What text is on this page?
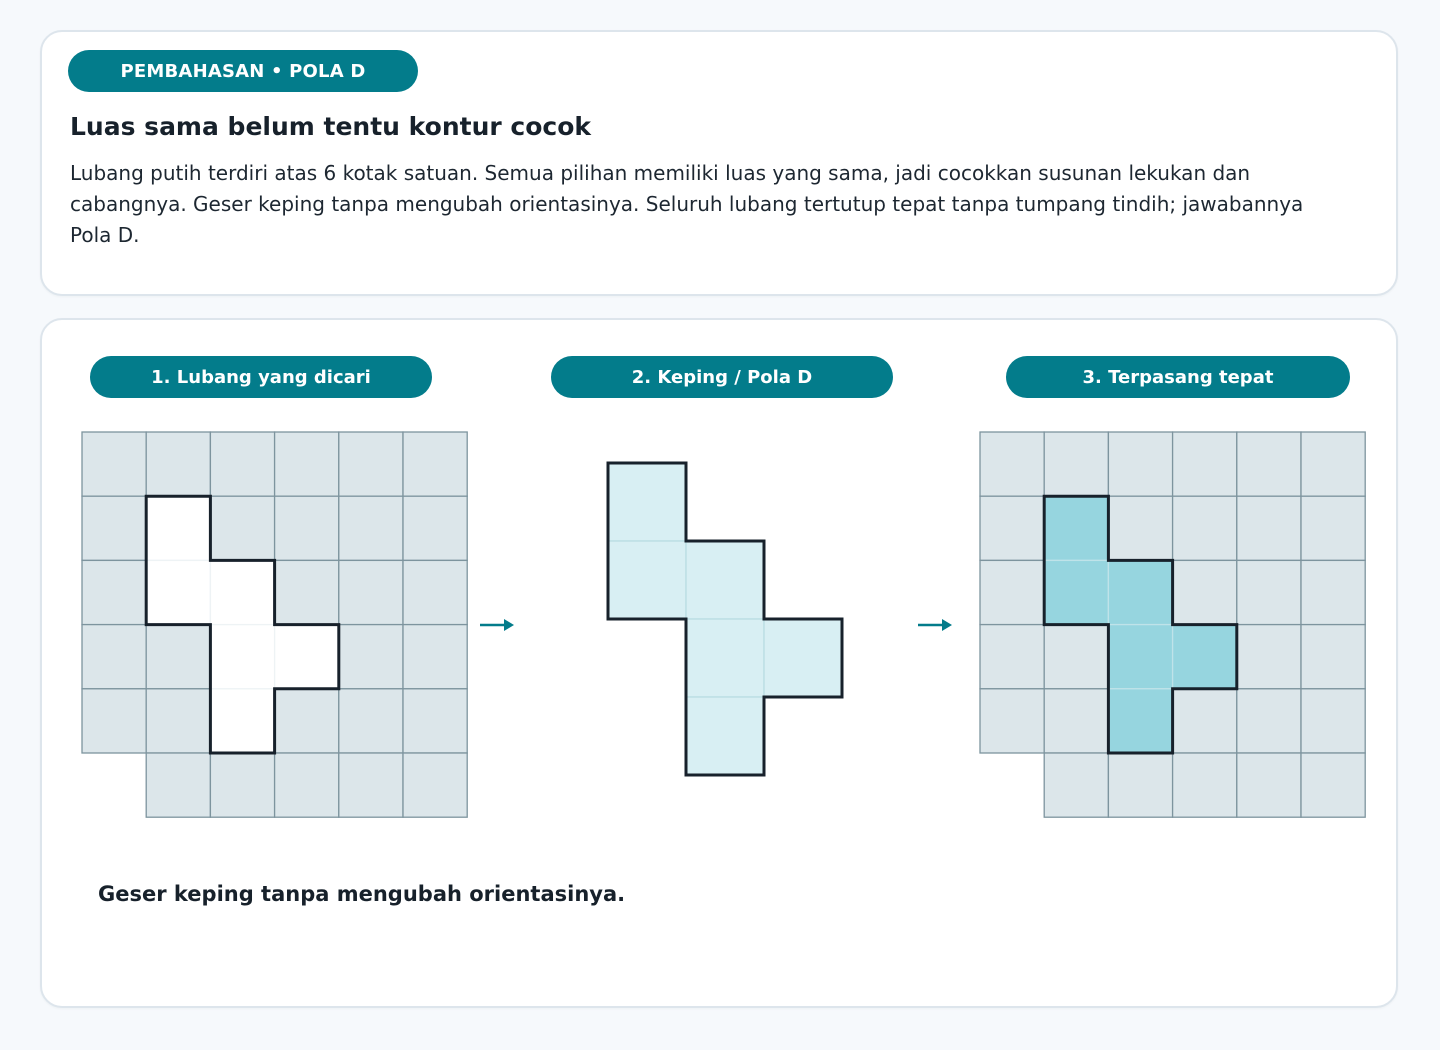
PEMBAHASAN • POLA D
Luas sama belum tentu kontur cocok

Lubang putih terdiri atas 6 kotak satuan. Semua pilihan memiliki luas yang sama, jadi cocokkan susunan lekukan dan cabangnya. Geser keping tanpa mengubah orientasinya. Seluruh lubang tertutup tepat tanpa tumpang tindih; jawabannya Pola D.

1. Lubang yang dicari	2. Keping / Pola D	3. Terpasang tepat

Geser keping tanpa mengubah orientasinya.
